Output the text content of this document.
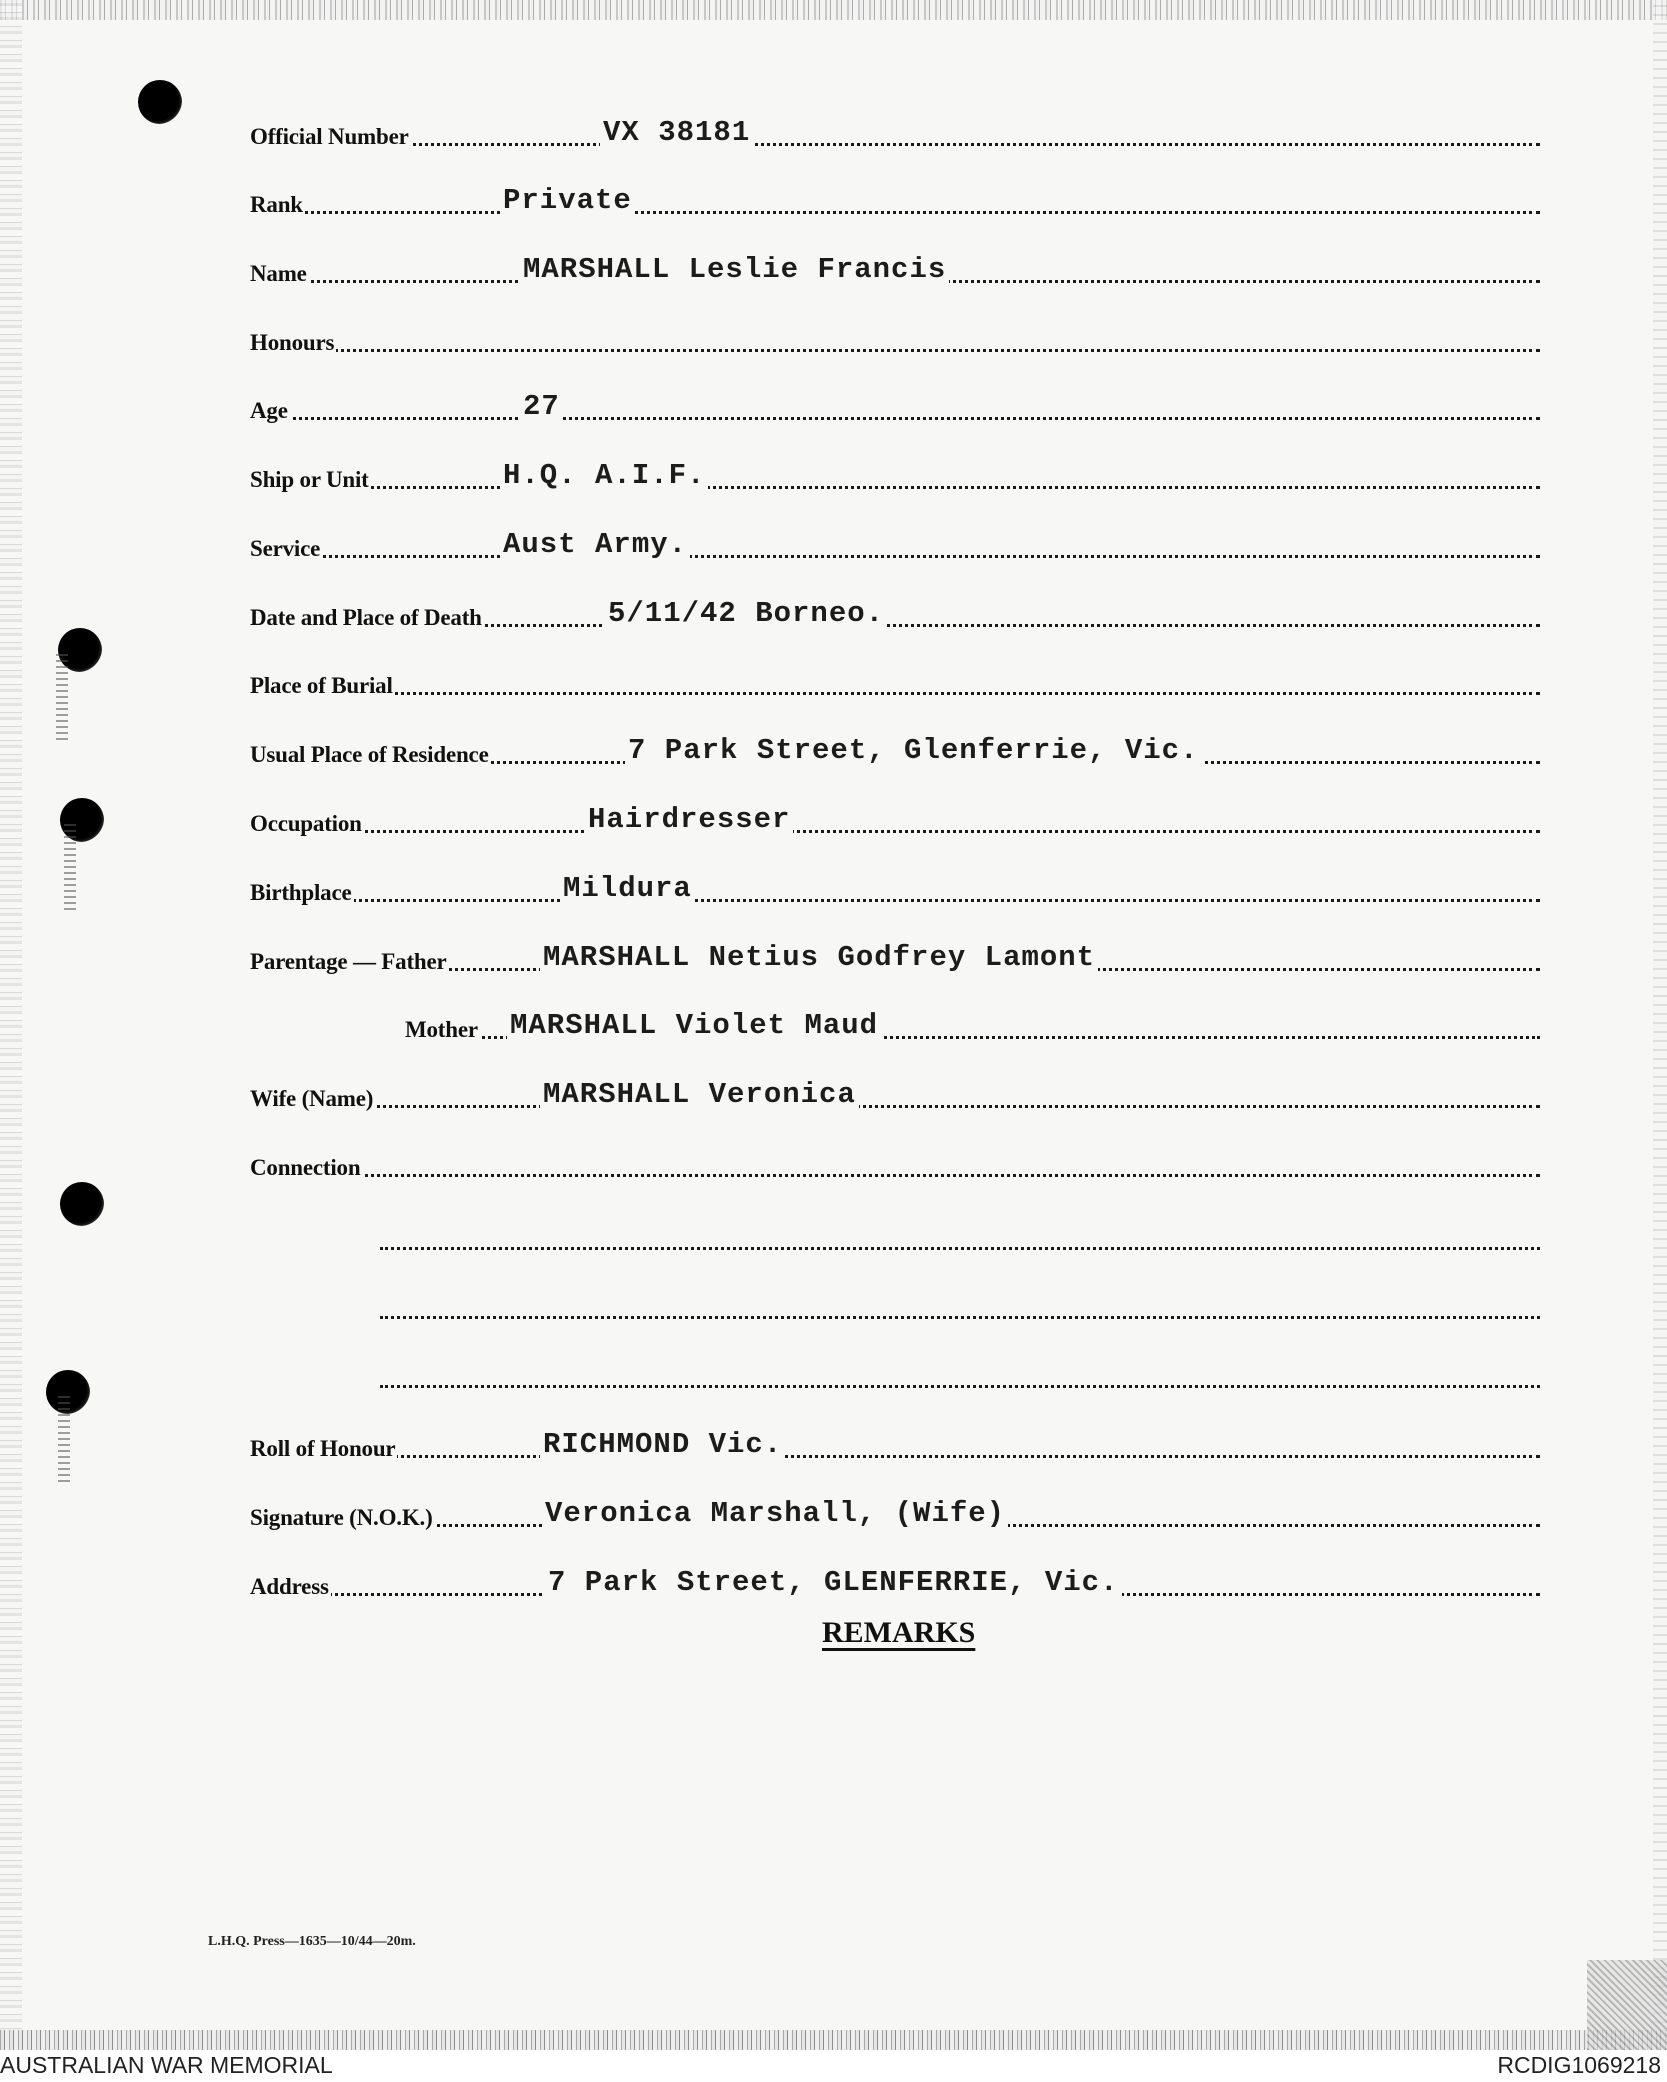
Official Number	VX 38181
Rank	Private
Name	MARSHALL Leslie Francis
Honours
Age	27
Ship or Unit	H.Q. A.I.F.
Service	Aust Army.
Date and Place of Death	5/11/42 Borneo.
Place of Burial
Usual Place of Residence	7 Park Street, Glenferrie, Vic.
Occupation	Hairdresser
Birthplace	Mildura
Parentage — Father	MARSHALL Netius Godfrey Lamont
Mother MARSHALL Violet Maud
Wife (Name)	MARSHALL Veronica
Connection
Roll of Honour	RICHMOND Vic.
Signature (N.O.K.)	Veronica Marshall, (Wife)
Address	7 Park Street, GLENFERRIE, Vic.
REMARKS
L.H.Q. Press—1635—10/44—20m.
AUSTRALIAN WAR MEMORIAL	RCDIG1069218
